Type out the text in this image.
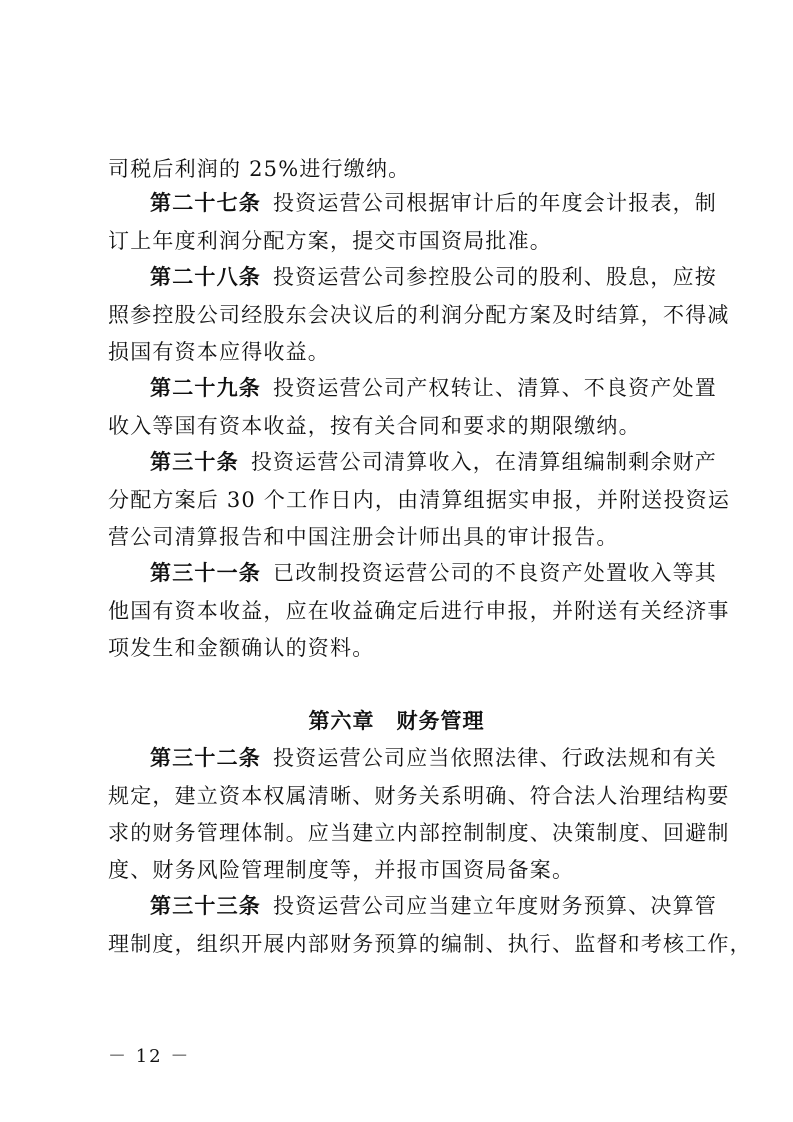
司税后利润的 25%进行缴纳。
第二十七条 投资运营公司根据审计后的年度会计报表，制
订上年度利润分配方案，提交市国资局批准。
第二十八条 投资运营公司参控股公司的股利、股息，应按
照参控股公司经股东会决议后的利润分配方案及时结算，不得减
损国有资本应得收益。
第二十九条 投资运营公司产权转让、清算、不良资产处置
收入等国有资本收益，按有关合同和要求的期限缴纳。
第三十条 投资运营公司清算收入，在清算组编制剩余财产
分配方案后 30 个工作日内，由清算组据实申报，并附送投资运
营公司清算报告和中国注册会计师出具的审计报告。
第三十一条 已改制投资运营公司的不良资产处置收入等其
他国有资本收益，应在收益确定后进行申报，并附送有关经济事
项发生和金额确认的资料。
第六章 财务管理
第三十二条 投资运营公司应当依照法律、行政法规和有关
规定，建立资本权属清晰、财务关系明确、符合法人治理结构要
求的财务管理体制。应当建立内部控制制度、决策制度、回避制
度、财务风险管理制度等，并报市国资局备案。
第三十三条 投资运营公司应当建立年度财务预算、决算管
理制度，组织开展内部财务预算的编制、执行、监督和考核工作，
－ 12 －
